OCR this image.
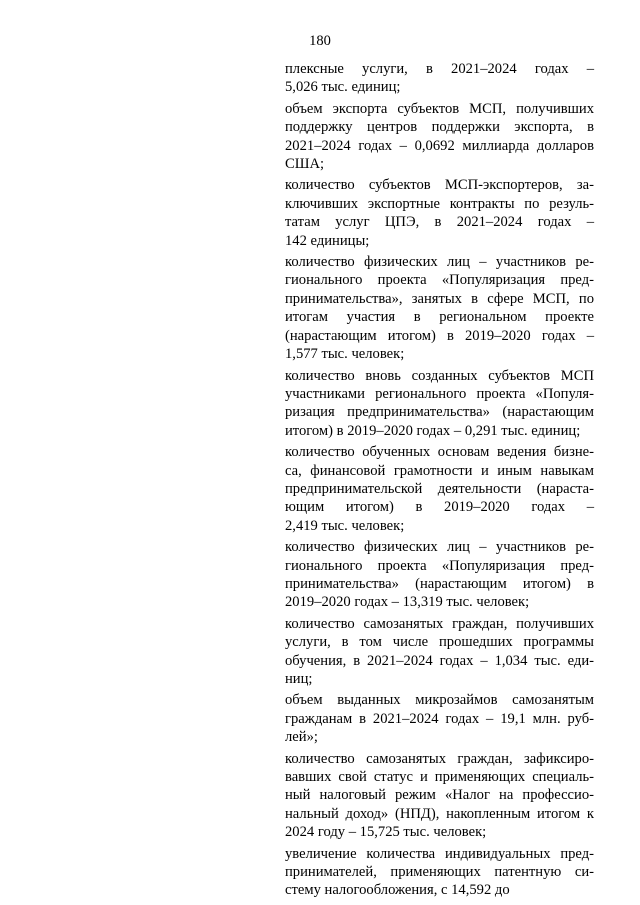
180
плексные услуги, в 2021–2024 годах –
5,026 тыс. единиц;
объем экспорта субъектов МСП, получивших
поддержку центров поддержки экспорта, в
2021–2024 годах – 0,0692 миллиарда долларов
США;
количество субъектов МСП-экспортеров, за-
ключивших экспортные контракты по резуль-
татам услуг ЦПЭ, в 2021–2024 годах –
142 единицы;
количество физических лиц – участников ре-
гионального проекта «Популяризация пред-
принимательства», занятых в сфере МСП, по
итогам участия в региональном проекте
(нарастающим итогом) в 2019–2020 годах –
1,577 тыс. человек;
количество вновь созданных субъектов МСП
участниками регионального проекта «Популя-
ризация предпринимательства» (нарастающим
итогом) в 2019–2020 годах – 0,291 тыс. единиц;
количество обученных основам ведения бизне-
са, финансовой грамотности и иным навыкам
предпринимательской деятельности (нараста-
ющим итогом) в 2019–2020 годах –
2,419 тыс. человек;
количество физических лиц – участников ре-
гионального проекта «Популяризация пред-
принимательства» (нарастающим итогом) в
2019–2020 годах – 13,319 тыс. человек;
количество самозанятых граждан, получивших
услуги, в том числе прошедших программы
обучения, в 2021–2024 годах – 1,034 тыс. еди-
ниц;
объем выданных микрозаймов самозанятым
гражданам в 2021–2024 годах – 19,1 млн. руб-
лей»;
количество самозанятых граждан, зафиксиро-
вавших свой статус и применяющих специаль-
ный налоговый режим «Налог на профессио-
нальный доход» (НПД), накопленным итогом к
2024 году – 15,725 тыс. человек;
увеличение количества индивидуальных пред-
принимателей, применяющих патентную си-
стему налогообложения, с 14,592 до
